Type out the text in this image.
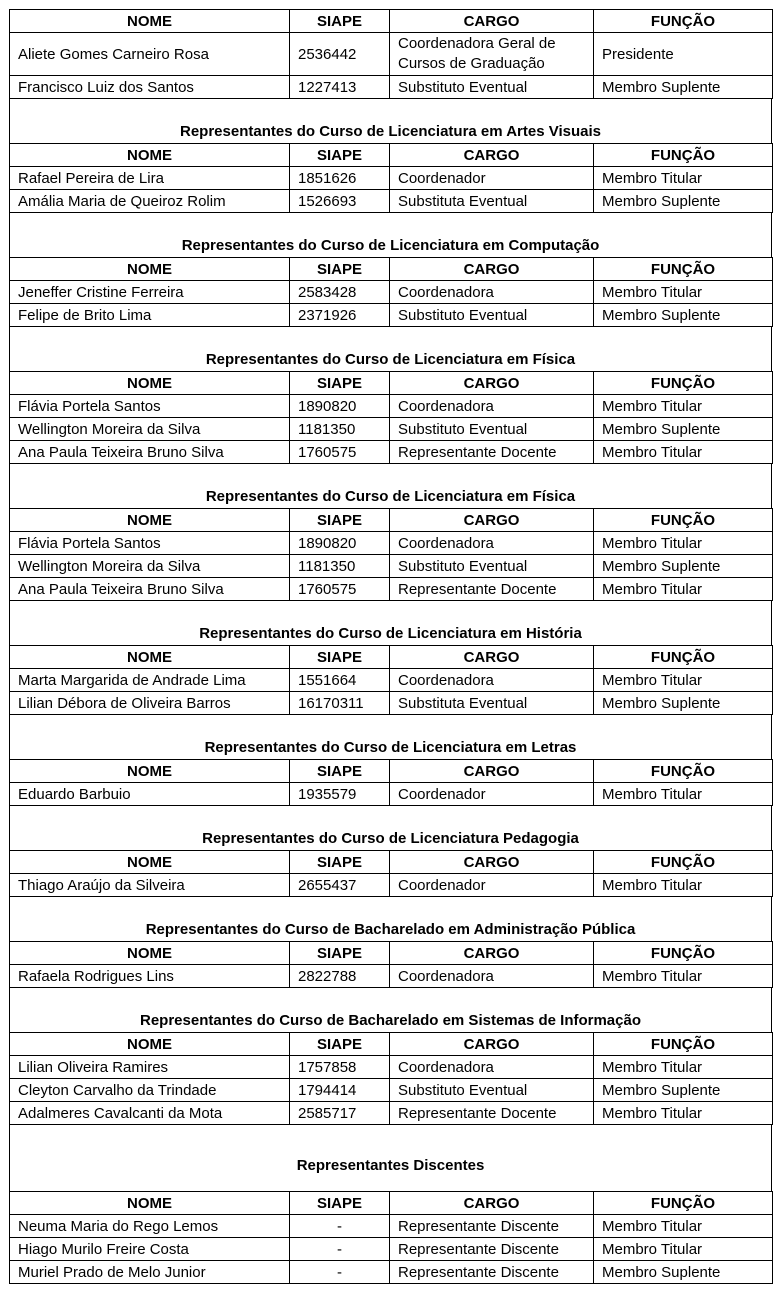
NOME	SIAPE	CARGO	FUNÇÃO
Aliete Gomes Carneiro Rosa	2536442	Coordenadora Geral de Cursos de Graduação	Presidente
Francisco Luiz dos Santos	1227413	Substituto Eventual	Membro Suplente
Representantes do Curso de Licenciatura em Artes Visuais
NOME	SIAPE	CARGO	FUNÇÃO
Rafael Pereira de Lira	1851626	Coordenador	Membro Titular
Amália Maria de Queiroz Rolim	1526693	Substituta Eventual	Membro Suplente
Representantes do Curso de Licenciatura em Computação
NOME	SIAPE	CARGO	FUNÇÃO
Jeneffer Cristine Ferreira	2583428	Coordenadora	Membro Titular
Felipe de Brito Lima	2371926	Substituto Eventual	Membro Suplente
Representantes do Curso de Licenciatura em Física
NOME	SIAPE	CARGO	FUNÇÃO
Flávia Portela Santos	1890820	Coordenadora	Membro Titular
Wellington Moreira da Silva	1181350	Substituto Eventual	Membro Suplente
Ana Paula Teixeira Bruno Silva	1760575	Representante Docente	Membro Titular
Representantes do Curso de Licenciatura em Física
NOME	SIAPE	CARGO	FUNÇÃO
Flávia Portela Santos	1890820	Coordenadora	Membro Titular
Wellington Moreira da Silva	1181350	Substituto Eventual	Membro Suplente
Ana Paula Teixeira Bruno Silva	1760575	Representante Docente	Membro Titular
Representantes do Curso de Licenciatura em História
NOME	SIAPE	CARGO	FUNÇÃO
Marta Margarida de Andrade Lima	1551664	Coordenadora	Membro Titular
Lilian Débora de Oliveira Barros	16170311	Substituta Eventual	Membro Suplente
Representantes do Curso de Licenciatura em Letras
NOME	SIAPE	CARGO	FUNÇÃO
Eduardo Barbuio	1935579	Coordenador	Membro Titular
Representantes do Curso de Licenciatura Pedagogia
NOME	SIAPE	CARGO	FUNÇÃO
Thiago Araújo da Silveira	2655437	Coordenador	Membro Titular
Representantes do Curso de Bacharelado em Administração Pública
NOME	SIAPE	CARGO	FUNÇÃO
Rafaela Rodrigues Lins	2822788	Coordenadora	Membro Titular
Representantes do Curso de Bacharelado em Sistemas de Informação
NOME	SIAPE	CARGO	FUNÇÃO
Lilian Oliveira Ramires	1757858	Coordenadora	Membro Titular
Cleyton Carvalho da Trindade	1794414	Substituto Eventual	Membro Suplente
Adalmeres Cavalcanti da Mota	2585717	Representante Docente	Membro Titular
Representantes Discentes
NOME	SIAPE	CARGO	FUNÇÃO
Neuma Maria do Rego Lemos	-	Representante Discente	Membro Titular
Hiago Murilo Freire Costa	-	Representante Discente	Membro Titular
Muriel Prado de Melo Junior	-	Representante Discente	Membro Suplente
